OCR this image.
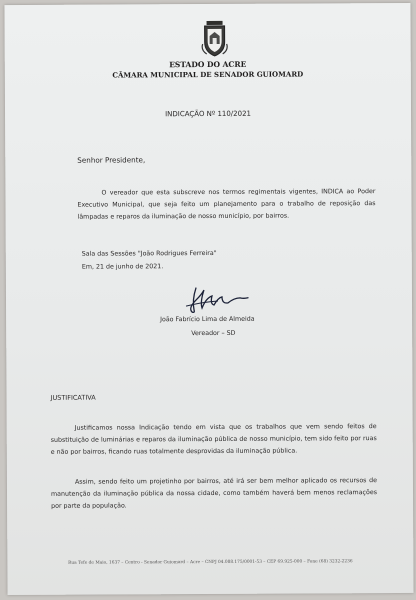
ESTADO DO ACRE
CÂMARA MUNICIPAL DE SENADOR GUIOMARD
INDICAÇÃO Nº 110/2021
Senhor Presidente,
O vereador que esta subscreve nos termos regimentais vigentes, INDICA ao Poder Executivo Municipal, que seja feito um planejamento para o trabalho de reposição das lâmpadas e reparos da iluminação de nosso município, por bairros.
Sala das Sessões "João Rodrigues Ferreira"
Em, 21 de junho de 2021.
João Fabrício Lima de Almeida
Vereador – SD
JUSTIFICATIVA
Justificamos nossa Indicação tendo em vista que os trabalhos que vem sendo feitos de substituição de luminárias e reparos da iluminação pública de nosso município, tem sido feito por ruas e não por bairros, ficando ruas totalmente desprovidas da iluminação pública.
Assim, sendo feito um projetinho por bairros, até irá ser bem melhor aplicado os recursos de manutenção da iluminação pública da nossa cidade, como também haverá bem menos reclamações por parte da população.
Rua Tefe de Maio, 1637 – Centro - Senador Guiomard – Acre – CNPJ 04.088.175/0001-53 – CEP 69.925-000 – Fone (68) 3232-2236
